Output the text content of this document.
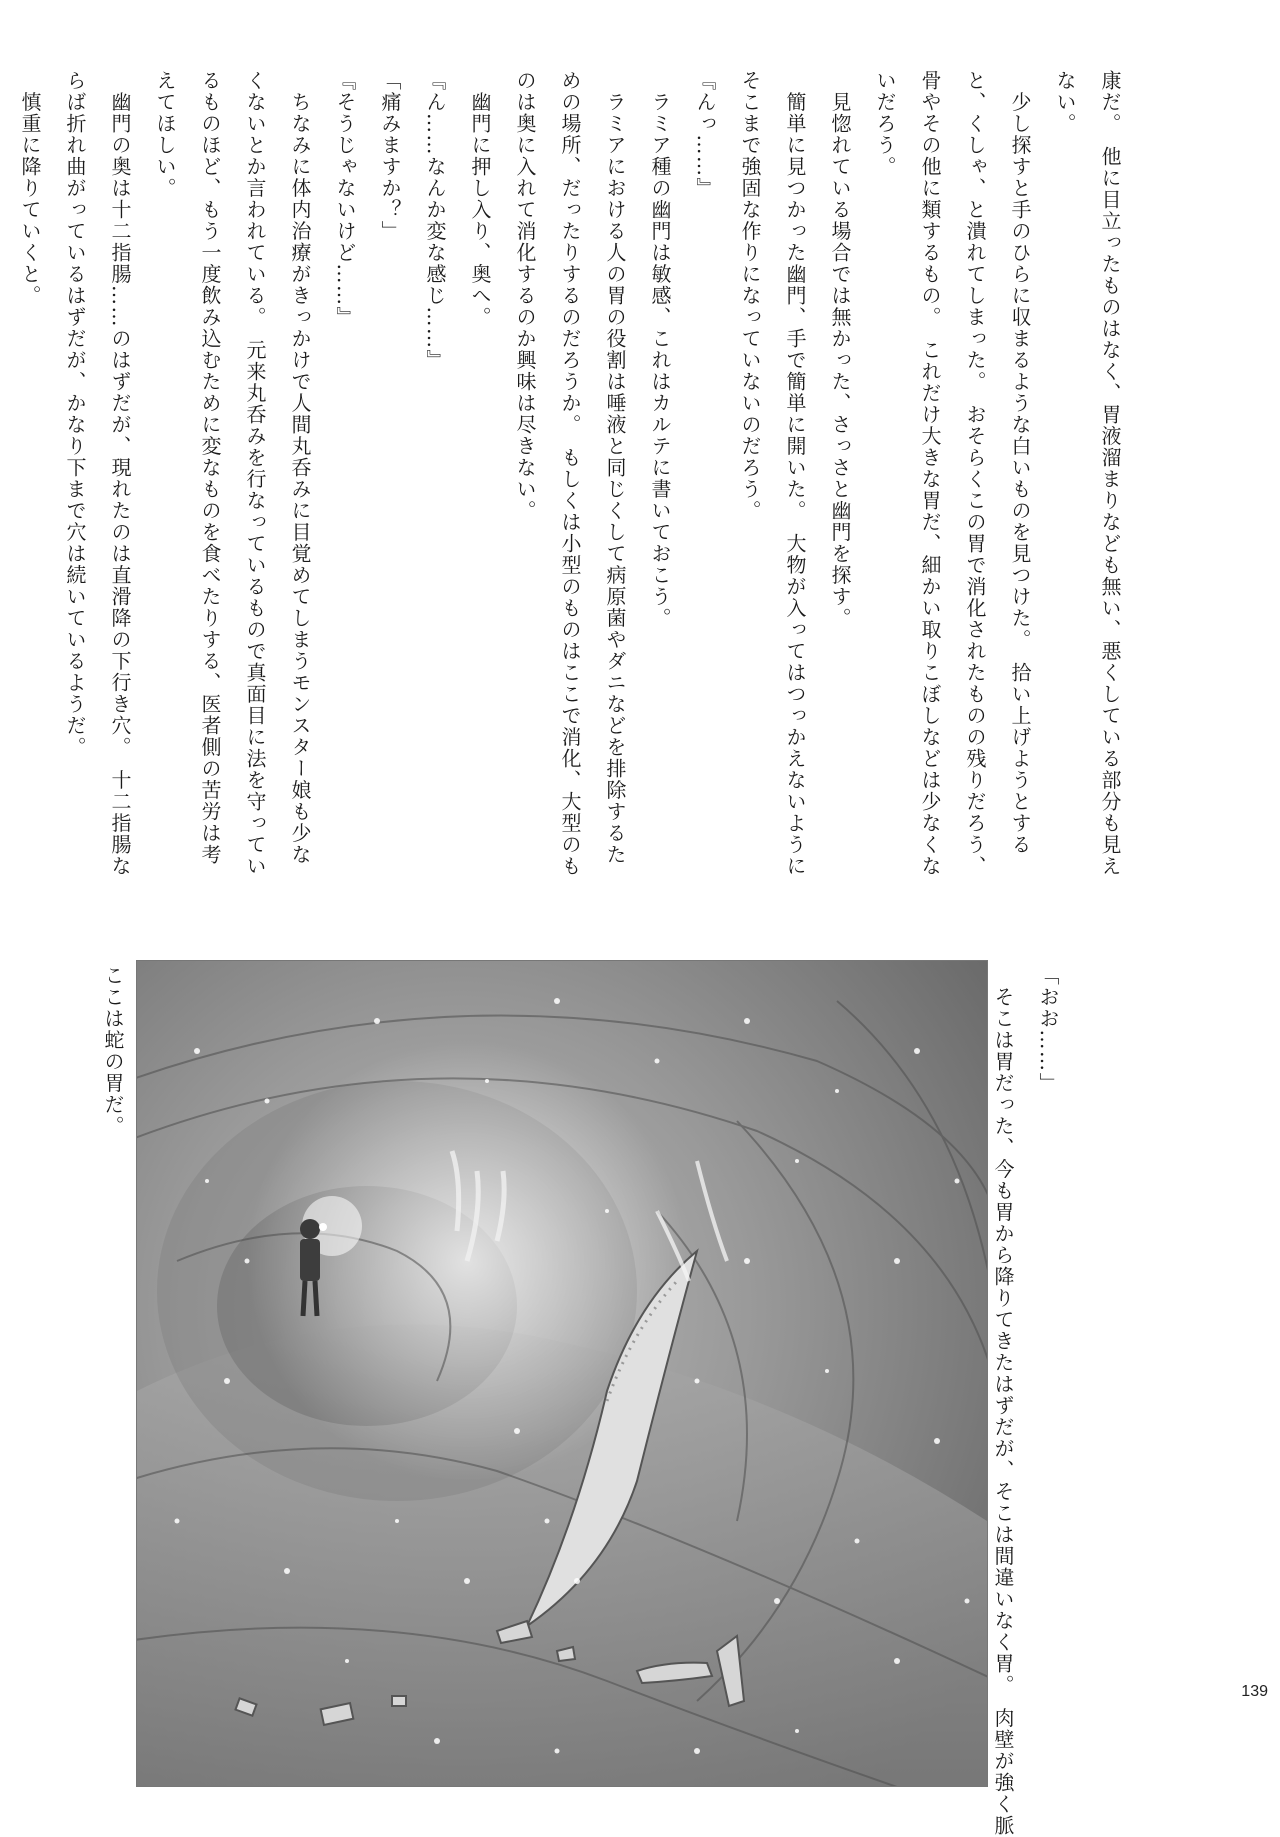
康だ。　他に目立ったものはなく、胃液溜まりなども無い、悪くしている部分も見え

ない。

　少し探すと手のひらに収まるような白いものを見つけた。　拾い上げようとする

と、くしゃ、と潰れてしまった。　おそらくこの胃で消化されたものの残りだろう、

骨やその他に類するもの。　これだけ大きな胃だ、細かい取りこぼしなどは少なくな

いだろう。

　見惚れている場合では無かった、さっさと幽門を探す。

　簡単に見つかった幽門、手で簡単に開いた。　大物が入ってはつっかえないように

そこまで強固な作りになっていないのだろう。

『んっ……』

　ラミア種の幽門は敏感、これはカルテに書いておこう。

　ラミアにおける人の胃の役割は唾液と同じくして病原菌やダニなどを排除するた

めの場所、だったりするのだろうか。　もしくは小型のものはここで消化、大型のも

のは奥に入れて消化するのか興味は尽きない。

　幽門に押し入り、奥へ。

『ん……なんか変な感じ……』

「痛みますか？」

『そうじゃないけど……』

　ちなみに体内治療がきっかけで人間丸呑みに目覚めてしまうモンスター娘も少な

くないとか言われている。　元来丸呑みを行なっているもので真面目に法を守ってい

るものほど、もう一度飲み込むために変なものを食べたりする、医者側の苦労は考

えてほしい。

　幽門の奥は十二指腸……のはずだが、現れたのは直滑降の下行き穴。　十二指腸な

らば折れ曲がっているはずだが、かなり下まで穴は続いているようだ。

　慎重に降りていくと。

「おお……」

　そこは胃だった、今も胃から降りてきたはずだが、そこは間違いなく胃。　肉壁が強く脈

ここは蛇の胃だ。

139
